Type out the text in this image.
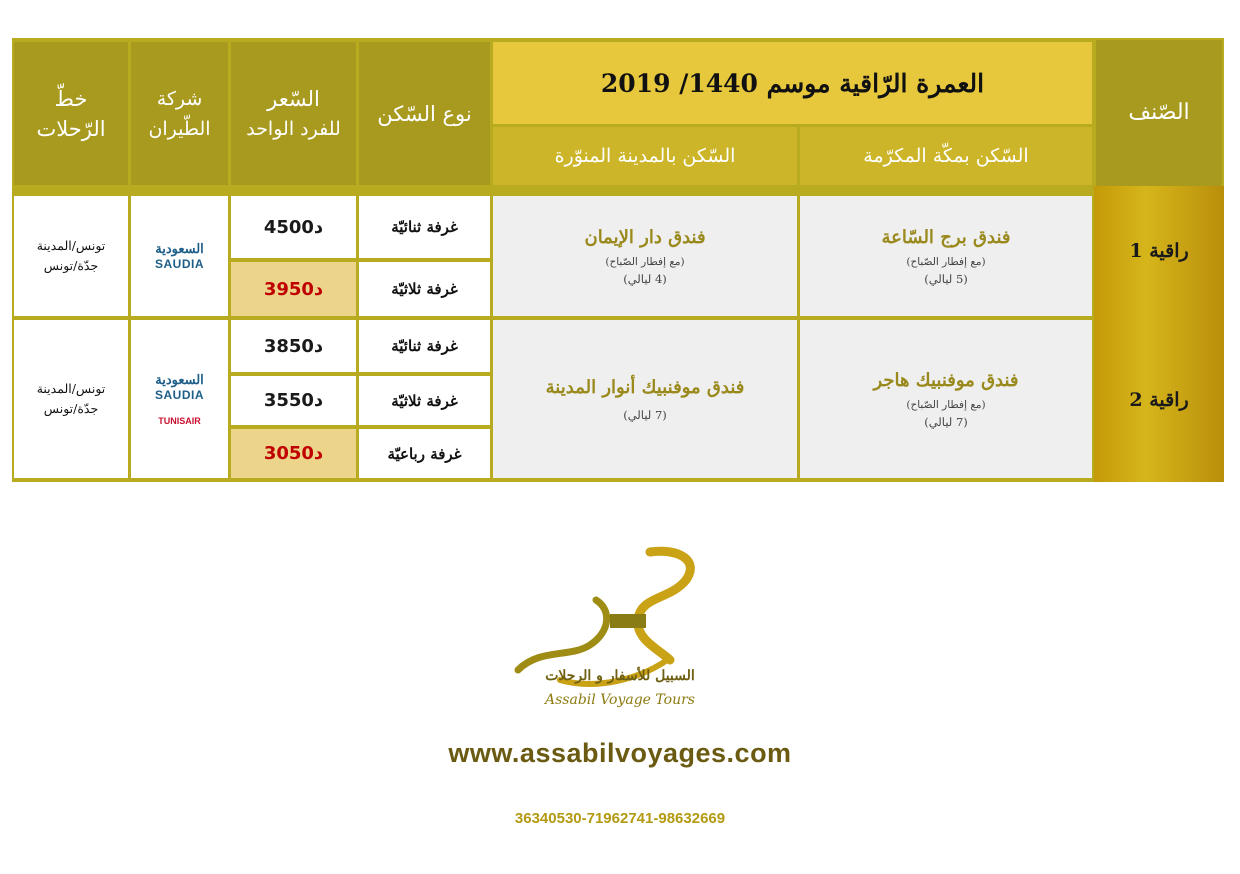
الصّنف
العمرة الرّاقية موسم 1440/ 2019
السّكن بمكّة المكرّمة
السّكن بالمدينة المنوّرة
نوع السّكن
السّعر
للفرد الواحد
شركة
الطّيران
خطّ
الرّحلات
راقية 1
فندق برج السّاعة
(مع إفطار الصّباح)
(5 ليالي)
فندق دار الإيمان
(مع إفطار الصّباح)
(4 ليالي)
غرفة ثنائيّة
غرفة ثلاثيّة
4500د
3950د
السعودية
SAUDIA
تونس/المدينة
جدّة/تونس
راقية 2
فندق موفنبيك هاجر
(مع إفطار الصّباح)
(7 ليالي)
فندق موفنبيك أنوار المدينة
(7 ليالي)
غرفة ثنائيّة
غرفة ثلاثيّة
غرفة رباعيّة
3850د
3550د
3050د
السعودية
SAUDIA
TUNISAIR
تونس/المدينة
جدّة/تونس
السبيل للأسفار و الرحلات
Assabil Voyage Tours
www.assabilvoyages.com
36340530-71962741-98632669
